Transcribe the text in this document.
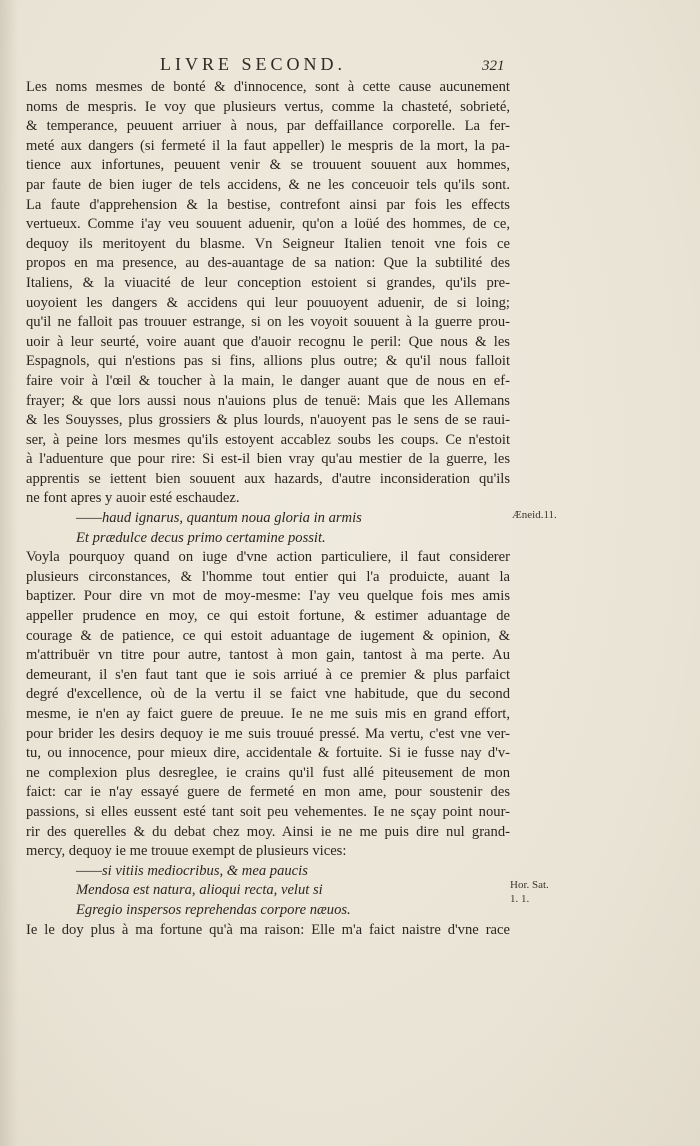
LIVRE SECOND.	321
Les noms mesmes de bonté & d'innocence, sont à cette cause aucunement
noms de mespris. Ie voy que plusieurs vertus, comme la chasteté, sobrieté,
& temperance, peuuent arriuer à nous, par deffaillance corporelle. La fer-
meté aux dangers (si fermeté il la faut appeller) le mespris de la mort, la pa-
tience aux infortunes, peuuent venir & se trouuent souuent aux hommes,
par faute de bien iuger de tels accidens, & ne les conceuoir tels qu'ils sont.
La faute d'apprehension & la bestise, contrefont ainsi par fois les effects
vertueux. Comme i'ay veu souuent aduenir, qu'on a loüé des hommes, de ce,
dequoy ils meritoyent du blasme. Vn Seigneur Italien tenoit vne fois ce
propos en ma presence, au des-auantage de sa nation: Que la subtilité des
Italiens, & la viuacité de leur conception estoient si grandes, qu'ils pre-
uoyoient les dangers & accidens qui leur pouuoyent aduenir, de si loing;
qu'il ne falloit pas trouuer estrange, si on les voyoit souuent à la guerre prou-
uoir à leur seurté, voire auant que d'auoir recognu le peril: Que nous & les
Espagnols, qui n'estions pas si fins, allions plus outre; & qu'il nous falloit
faire voir à l'œil & toucher à la main, le danger auant que de nous en ef-
frayer; & que lors aussi nous n'auions plus de tenuë: Mais que les Allemans
& les Souysses, plus grossiers & plus lourds, n'auoyent pas le sens de se raui-
ser, à peine lors mesmes qu'ils estoyent accablez soubs les coups. Ce n'estoit
à l'aduenture que pour rire: Si est-il bien vray qu'au mestier de la guerre, les
apprentis se iettent bien souuent aux hazards, d'autre inconsideration qu'ils
ne font apres y auoir esté eschaudez.
——haud ignarus, quantum noua gloria in armis
Et prædulce decus primo certamine possit.
Voyla pourquoy quand on iuge d'vne action particuliere, il faut considerer
plusieurs circonstances, & l'homme tout entier qui l'a produicte, auant la
baptizer. Pour dire vn mot de moy-mesme: I'ay veu quelque fois mes amis
appeller prudence en moy, ce qui estoit fortune, & estimer aduantage de
courage & de patience, ce qui estoit aduantage de iugement & opinion, &
m'attribuër vn titre pour autre, tantost à mon gain, tantost à ma perte. Au
demeurant, il s'en faut tant que ie sois arriué à ce premier & plus parfaict
degré d'excellence, où de la vertu il se faict vne habitude, que du second
mesme, ie n'en ay faict guere de preuue. Ie ne me suis mis en grand effort,
pour brider les desirs dequoy ie me suis trouué pressé. Ma vertu, c'est vne ver-
tu, ou innocence, pour mieux dire, accidentale & fortuite. Si ie fusse nay d'v-
ne complexion plus desreglee, ie crains qu'il fust allé piteusement de mon
faict: car ie n'ay essayé guere de fermeté en mon ame, pour soustenir des
passions, si elles eussent esté tant soit peu vehementes. Ie ne sçay point nour-
rir des querelles & du debat chez moy. Ainsi ie ne me puis dire nul grand-
mercy, dequoy ie me trouue exempt de plusieurs vices:
——si vitiis mediocribus, & mea paucis
Mendosa est natura, alioqui recta, velut si
Egregio inspersos reprehendas corpore næuos.
Ie le doy plus à ma fortune qu'à ma raison: Elle m'a faict naistre d'vne race
Æneid.11.
Hor. Sat.
1. 1.
